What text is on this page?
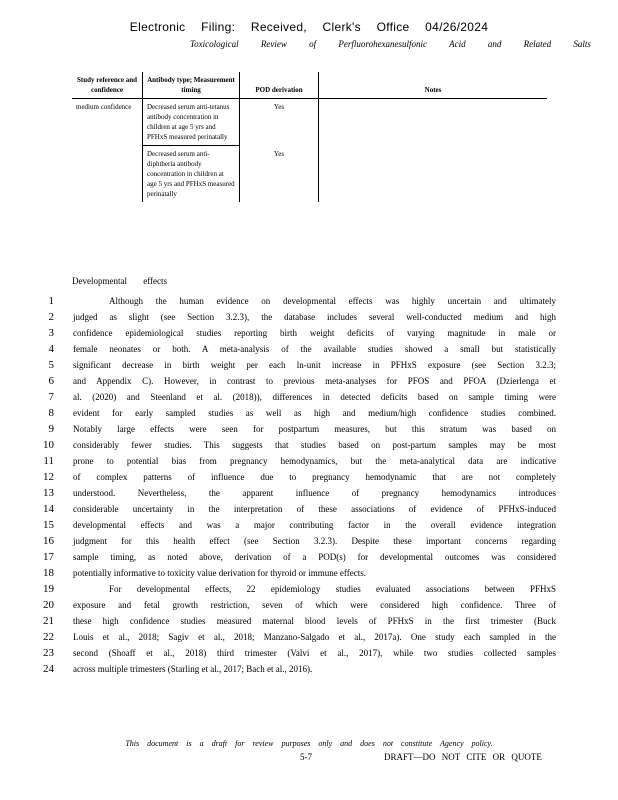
Electronic Filing: Received, Clerk's Office 04/26/2024
Toxicological Review of Perfluorohexanesulfonic Acid and Related Salts
Study reference and confidence	Antibody type; Measurement timing	POD derivation	Notes
medium confidence	Decreased serum anti-tetanus antibody concentration in children at age 5 yrs and PFHxS measured perinatally	Yes	
	Decreased serum anti-diphtheria antibody concentration in children at age 5 yrs and PFHxS measured perinatally	Yes	
Developmental effects
1	Although the human evidence on developmental effects was highly uncertain and ultimately
2 judged as slight (see Section 3.2.3), the database includes several well-conducted medium and high
3 confidence epidemiological studies reporting birth weight deficits of varying magnitude in male or
4 female neonates or both. A meta-analysis of the available studies showed a small but statistically
5 significant decrease in birth weight per each ln-unit increase in PFHxS exposure (see Section 3.2.3;
6 and Appendix C). However, in contrast to previous meta-analyses for PFOS and PFOA (Dzierlenga et
7 al. (2020) and Steenland et al. (2018)), differences in detected deficits based on sample timing were
8 evident for early sampled studies as well as high and medium/high confidence studies combined.
9 Notably large effects were seen for postpartum measures, but this stratum was based on
10 considerably fewer studies. This suggests that studies based on post-partum samples may be most
11 prone to potential bias from pregnancy hemodynamics, but the meta-analytical data are indicative
12 of complex patterns of influence due to pregnancy hemodynamic that are not completely
13 understood. Nevertheless, the apparent influence of pregnancy hemodynamics introduces
14 considerable uncertainty in the interpretation of these associations of evidence of PFHxS-induced
15 developmental effects and was a major contributing factor in the overall evidence integration
16 judgment for this health effect (see Section 3.2.3). Despite these important concerns regarding
17 sample timing, as noted above, derivation of a POD(s) for developmental outcomes was considered
18 potentially informative to toxicity value derivation for thyroid or immune effects.
19	For developmental effects, 22 epidemiology studies evaluated associations between PFHxS
20 exposure and fetal growth restriction, seven of which were considered high confidence. Three of
21 these high confidence studies measured maternal blood levels of PFHxS in the first trimester (Buck
22 Louis et al., 2018; Sagiv et al., 2018; Manzano-Salgado et al., 2017a). One study each sampled in the
23 second (Shoaff et al., 2018) third trimester (Valvi et al., 2017), while two studies collected samples
24 across multiple trimesters (Starling et al., 2017; Bach et al., 2016).
This document is a draft for review purposes only and does not constitute Agency policy.
5-7	DRAFT—DO NOT CITE OR QUOTE
